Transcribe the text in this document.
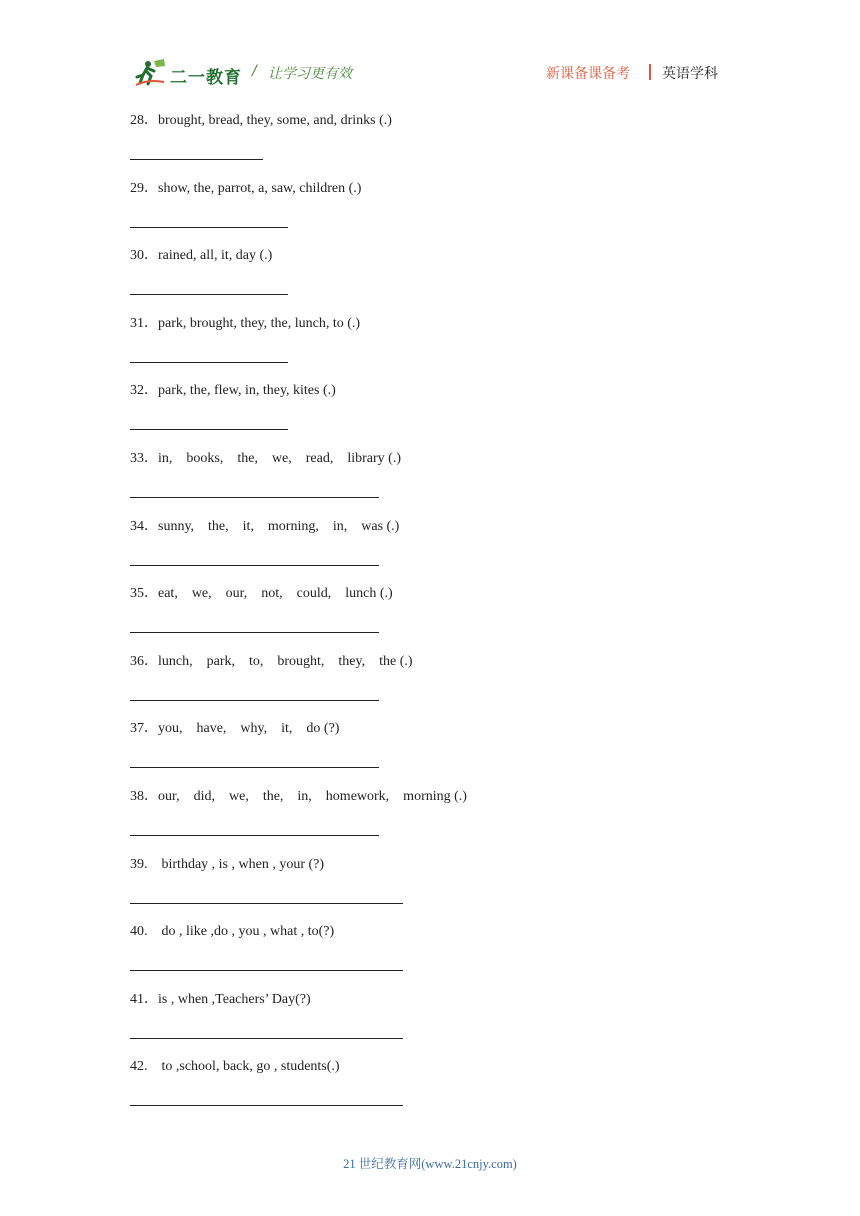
二一教育 / 让学习更有效	新课备课备考 英语学科
28．brought, bread, they, some, and, drinks (.)
29．show, the, parrot, a, saw, children (.)
30．rained, all, it, day (.)
31．park, brought, they, the, lunch, to (.)
32．park, the, flew, in, they, kites (.)
33．in,    books,    the,    we,    read,    library (.)
34．sunny,    the,    it,    morning,    in,    was (.)
35．eat,    we,    our,    not,    could,    lunch (.)
36．lunch,    park,    to,    brought,    they,    the (.)
37．you,    have,    why,    it,    do (?)
38．our,    did,    we,    the,    in,    homework,    morning (.)
39.    birthday , is , when , your (?)
40.    do , like ,do , you , what , to(?)
41．is , when ,Teachers’ Day(?)
42.    to ,school, back, go , students(.)
21 世纪教育网(www.21cnjy.com)
